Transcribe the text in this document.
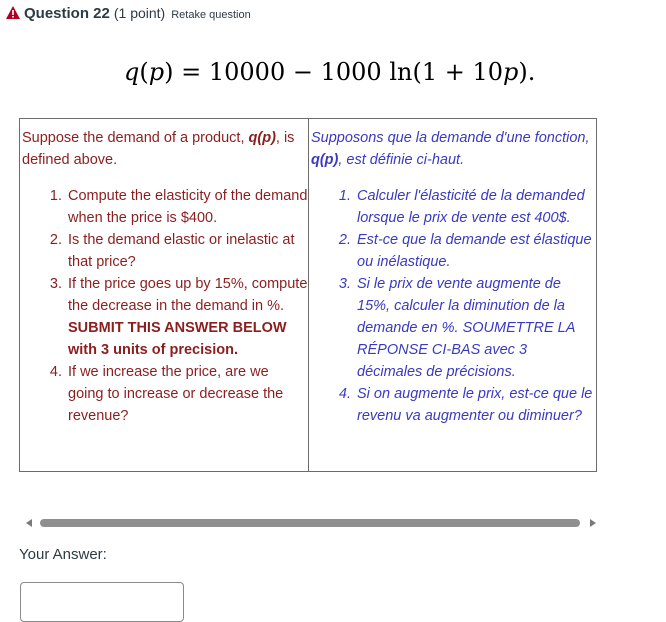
Question 22 (1 point) Retake question
q(p) = 10000 − 1000 ln(1 + 10p).
Suppose the demand of a product, q(p), is defined above.
1. Compute the elasticity of the demand when the price is $400.
2. Is the demand elastic or inelastic at that price?
3. If the price goes up by 15%, compute the decrease in the demand in %. SUBMIT THIS ANSWER BELOW with 3 units of precision.
4. If we increase the price, are we going to increase or decrease the revenue?

Supposons que la demande d'une fonction, q(p), est définie ci-haut.
1. Calculer l'élasticité de la demanded lorsque le prix de vente est 400$.
2. Est-ce que la demande est élastique ou inélastique.
3. Si le prix de vente augmente de 15%, calculer la diminution de la demande en %. SOUMETTRE LA RÉPONSE CI-BAS avec 3 décimales de précisions.
4. Si on augmente le prix, est-ce que le revenu va augmenter ou diminuer?
Your Answer:
